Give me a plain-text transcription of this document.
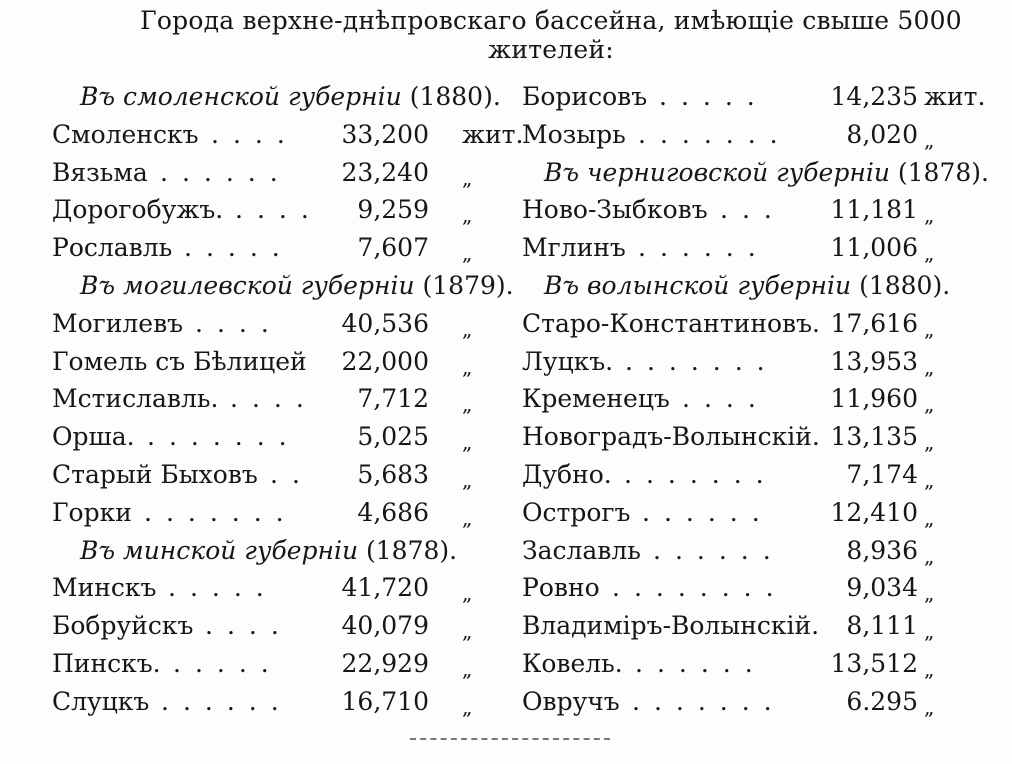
Города верхне-днѣпровскаго бассейна, имѣющіе свыше 5000 жителей:
Въ смоленской губерніи (1880).
Смоленскъ .... 33,200 жит.
Вязьма ...... 23,240 „
Дорогобужъ. .... 9,259 „
Рославль .....	7,607 „
Въ могилевской губерніи (1879).
Могилевъ .... 40,536 „
Гомель съ Бѣлицей 22,000 „
Мстиславль. .... 7,712 „
Орша. ....... 5,025 „
Старый Быховъ .. 5,683 „
Горки ....... 4,686 „
Въ минской губерніи (1878).
Минскъ .....	41,720 „
Бобруйскъ .... 40,079 „
Пинскъ. ..... 22,929 „
Слуцкъ ...... 16,710 „
Борисовъ ..... 14,235 жит.
Мозырь ....... 8,020 „
Въ черниговской губерніи (1878).
Ново-Зыбковъ ... 11,181 „
Мглинъ ...... 11,006 „
Въ волынской губерніи (1880).
Старо-Константиновъ. 17,616 „
Луцкъ. ....... 13,953 „
Кременецъ .... 11,960 „
Новоградъ-Волынскій. 13,135 „
Дубно. .......	7,174 „
Острогъ ...... 12,410 „
Заславль ...... 8,936 „
Ровно ........ 9,034 „
Владиміръ-Волынскій. 8,111 „
Ковель. ......	13,512 „
Овручъ ....... 6.295 „
